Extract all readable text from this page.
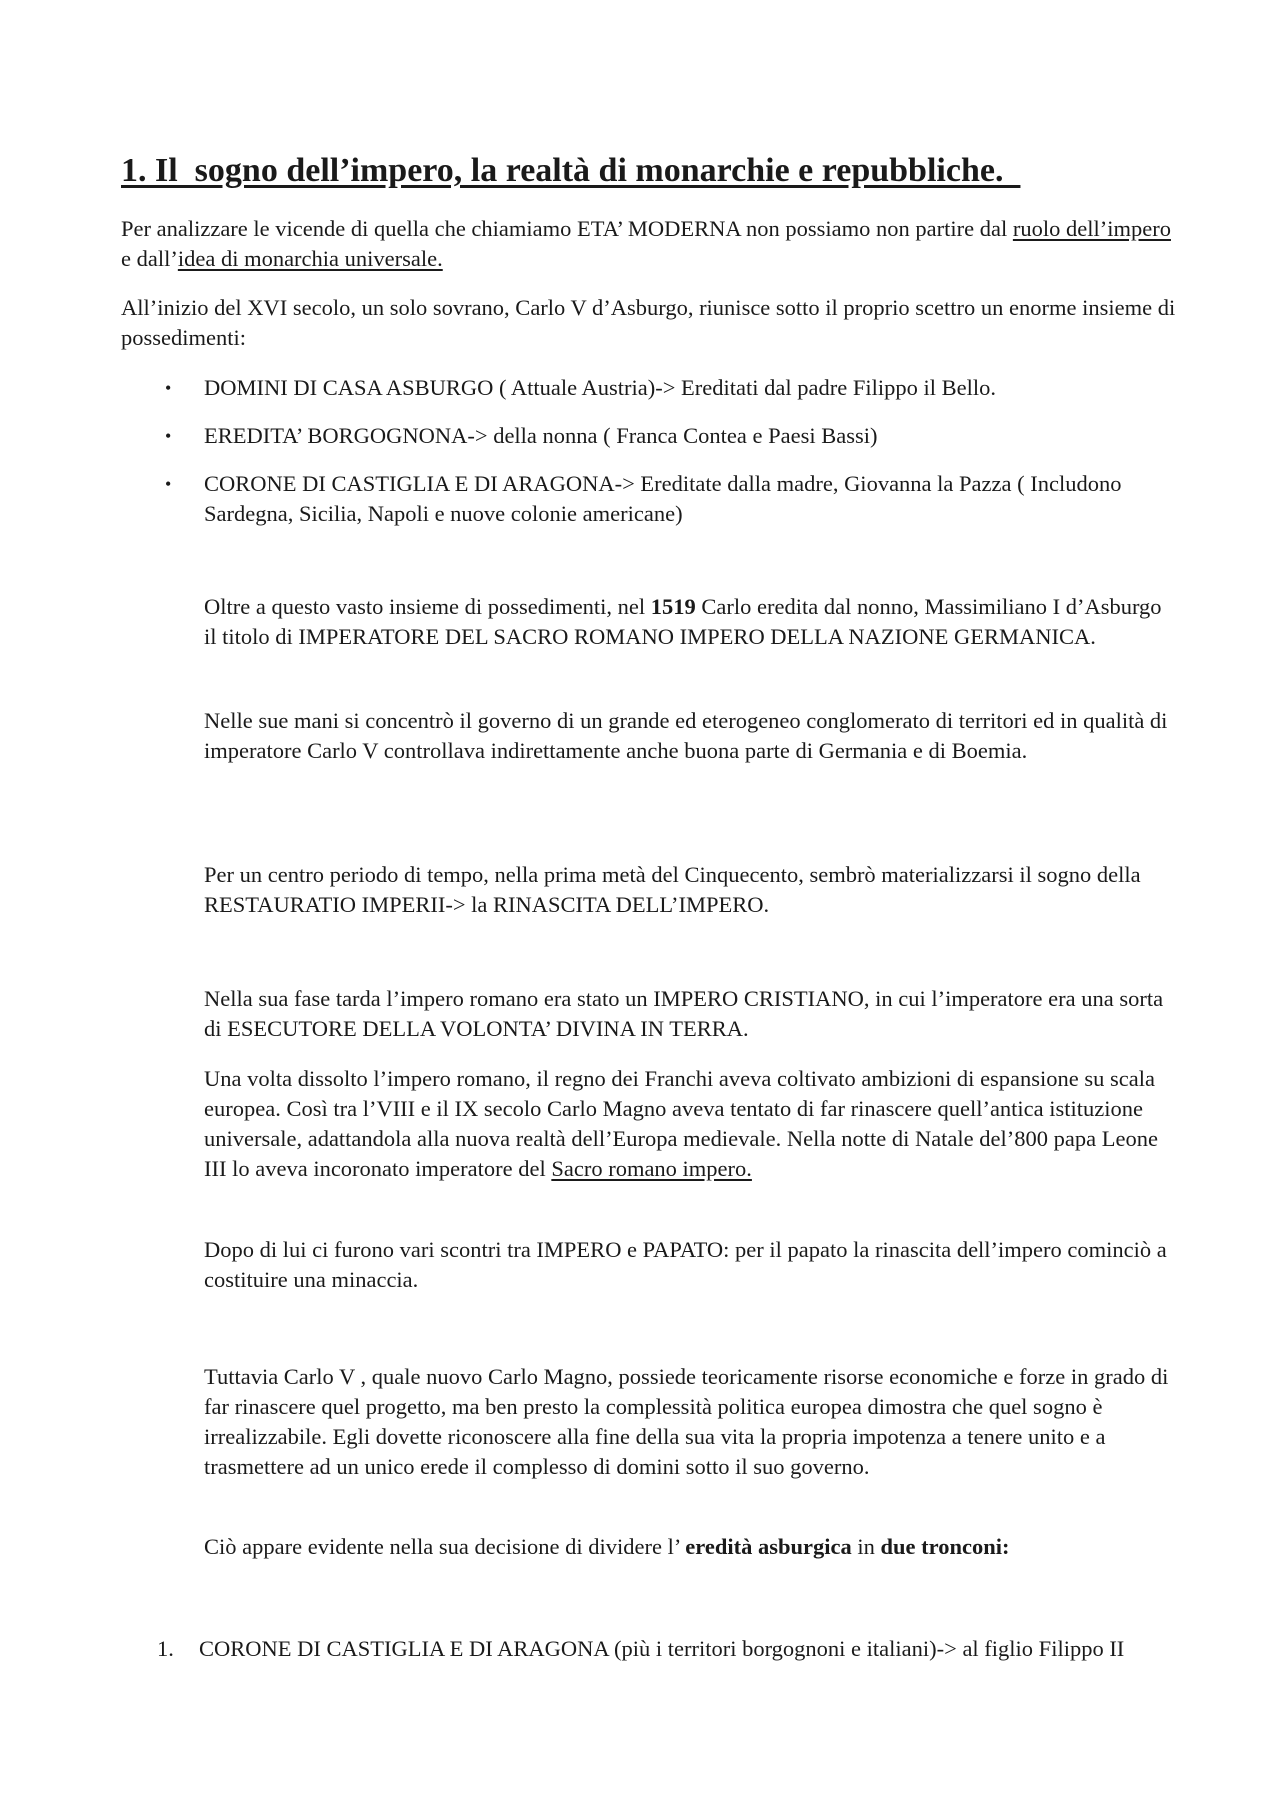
1. Il  sogno dell’impero, la realtà di monarchie e repubbliche.

Per analizzare le vicende di quella che chiamiamo ETA’ MODERNA non possiamo non partire dal ruolo dell’impero e dall’idea di monarchia universale.

All’inizio del XVI secolo, un solo sovrano, Carlo V d’Asburgo, riunisce sotto il proprio scettro un enorme insieme di possedimenti:

• DOMINI DI CASA ASBURGO ( Attuale Austria)-> Ereditati dal padre Filippo il Bello.
• EREDITA’ BORGOGNONA-> della nonna ( Franca Contea e Paesi Bassi)
• CORONE DI CASTIGLIA E DI ARAGONA-> Ereditate dalla madre, Giovanna la Pazza ( Includono Sardegna, Sicilia, Napoli e nuove colonie americane)

Oltre a questo vasto insieme di possedimenti, nel 1519 Carlo eredita dal nonno, Massimiliano I d’Asburgo il titolo di IMPERATORE DEL SACRO ROMANO IMPERO DELLA NAZIONE GERMANICA.

Nelle sue mani si concentrò il governo di un grande ed eterogeneo conglomerato di territori ed in qualità di imperatore Carlo V controllava indirettamente anche buona parte di Germania e di Boemia.

Per un centro periodo di tempo, nella prima metà del Cinquecento, sembrò materializzarsi il sogno della RESTAURATIO IMPERII-> la RINASCITA DELL’IMPERO.

Nella sua fase tarda l’impero romano era stato un IMPERO CRISTIANO, in cui l’imperatore era una sorta di ESECUTORE DELLA VOLONTA’ DIVINA IN TERRA.

Una volta dissolto l’impero romano, il regno dei Franchi aveva coltivato ambizioni di espansione su scala europea. Così tra l’VIII e il IX secolo Carlo Magno aveva tentato di far rinascere quell’antica istituzione universale, adattandola alla nuova realtà dell’Europa medievale. Nella notte di Natale del’800 papa Leone III lo aveva incoronato imperatore del Sacro romano impero.

Dopo di lui ci furono vari scontri tra IMPERO e PAPATO: per il papato la rinascita dell’impero cominciò a costituire una minaccia.

Tuttavia Carlo V , quale nuovo Carlo Magno, possiede teoricamente risorse economiche e forze in grado di far rinascere quel progetto, ma ben presto la complessità politica europea dimostra che quel sogno è irrealizzabile. Egli dovette riconoscere alla fine della sua vita la propria impotenza a tenere unito e a trasmettere ad un unico erede il complesso di domini sotto il suo governo.

Ciò appare evidente nella sua decisione di dividere l’ eredità asburgica in due tronconi:

1. CORONE DI CASTIGLIA E DI ARAGONA (più i territori borgognoni e italiani)-> al figlio Filippo II
